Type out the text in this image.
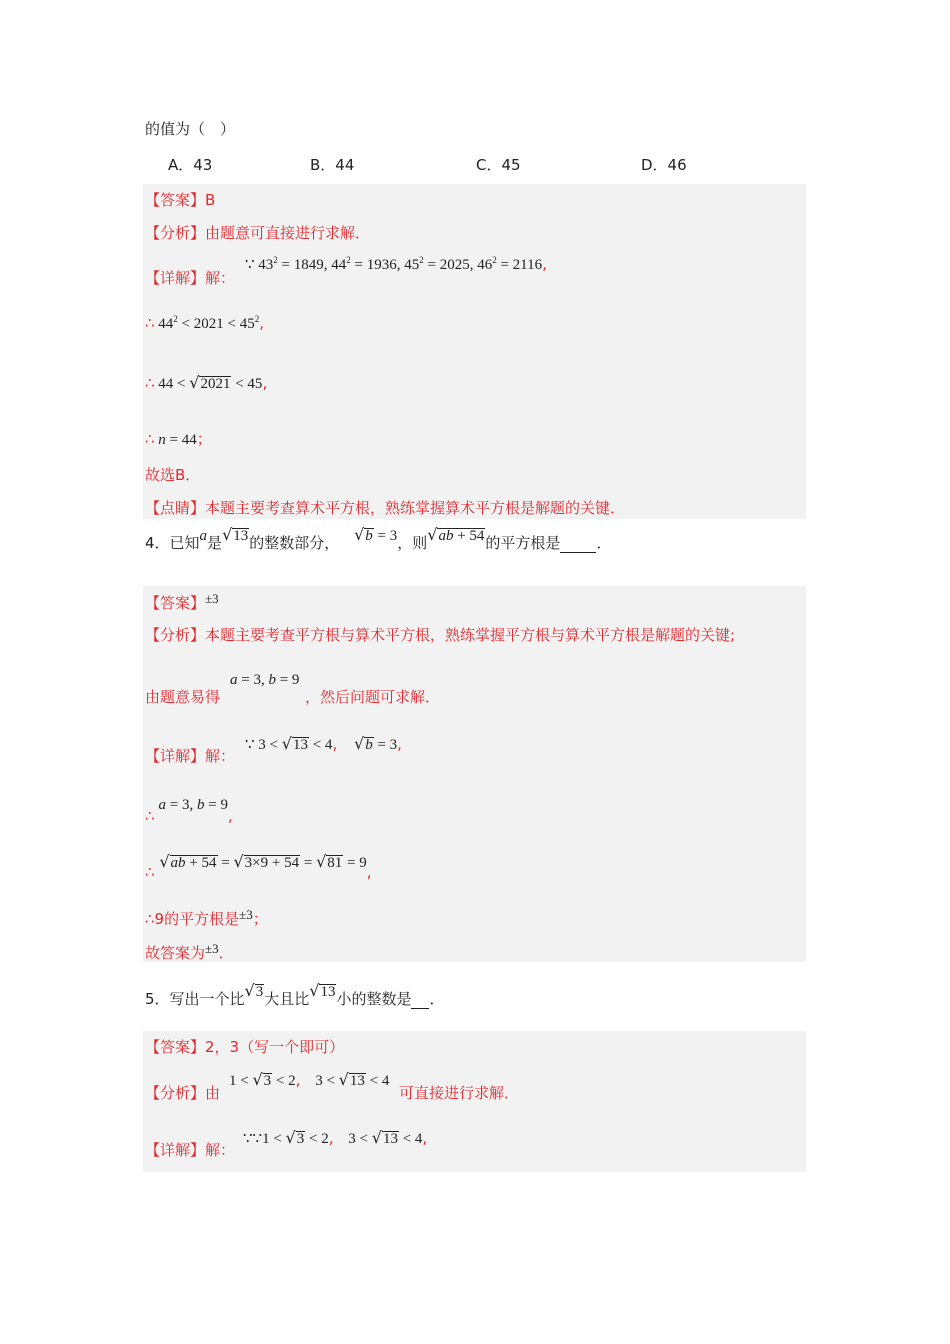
的值为（　）
A．43	B．44	C．45	D．46
【答案】B
【分析】由题意可直接进行求解．
【详解】解：
∵ $43^2 = 1849$, $44^2 = 1936$, $45^2 = 2025$, $46^2 = 2116$,
∴ $44^2 < 2021 < 45^2$,
∴ 44 < √2021 < 45,
∴ n = 44；
故选B．
【点睛】本题主要考查算术平方根，熟练掌握算术平方根是解题的关键．
4．已知a是√13的整数部分， √b = 3，则√ab + 54的平方根是 ．
【答案】±3
【分析】本题主要考查平方根与算术平方根，熟练掌握平方根与算术平方根是解题的关键;
由题意易得
a = 3, b = 9
，然后问题可求解．
【详解】解：
∵ 3 < √13 < 4, √b = 3,
∴a = 3, b = 9,
∴ √ab + 54 = √3×9 + 54 = √81 = 9,
∴9的平方根是±3；
故答案为±3．
5．写出一个比√3大且比√13小的整数是 ．
【答案】2，3（写一个即可）
【分析】由
1 < √3 < 2, 3 < √13 < 4
可直接进行求解．
【详解】解：
∵∵1 < √3 < 2, 3 < √13 < 4,
